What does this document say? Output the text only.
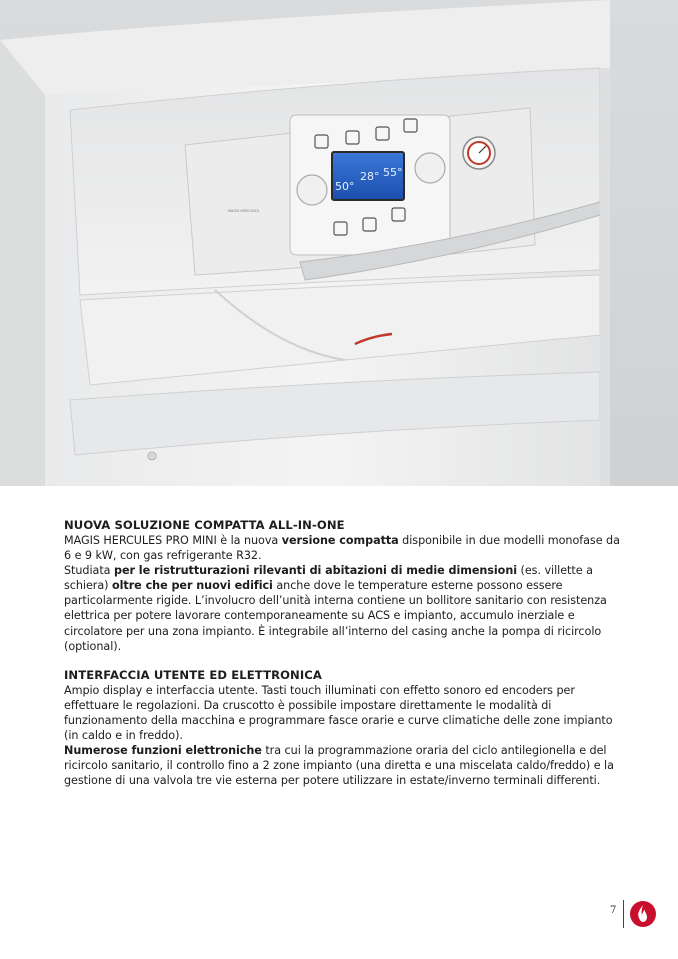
50°
28° 55°
MAGIS HERCULES
NUOVA SOLUZIONE COMPATTA ALL-IN-ONE

MAGIS HERCULES PRO MINI è la nuova versione compatta disponibile in due modelli monofase da 6 e 9 kW, con gas refrigerante R32.

Studiata per le ristrutturazioni rilevanti di abitazioni di medie dimensioni (es. villette a schiera) oltre che per nuovi edifici anche dove le temperature esterne possono essere particolarmente rigide. L’involucro dell’unità interna contiene un bollitore sanitario con resistenza elettrica per potere lavorare contemporaneamente su ACS e impianto, accumulo inerziale e circolatore per una zona impianto. È integrabile all’interno del casing anche la pompa di ricircolo (optional).

INTERFACCIA UTENTE ED ELETTRONICA

Ampio display e interfaccia utente. Tasti touch illuminati con effetto sonoro ed encoders per effettuare le regolazioni. Da cruscotto è possibile impostare direttamente le modalità di funzionamento della macchina e programmare fasce orarie e curve climatiche delle zone impianto (in caldo e in freddo).

Numerose funzioni elettroniche tra cui la programmazione oraria del ciclo antilegionella e del ricircolo sanitario, il controllo fino a 2 zone impianto (una diretta e una miscelata caldo/freddo) e la gestione di una valvola tre vie esterna per potere utilizzare in estate/inverno terminali differenti.

7
